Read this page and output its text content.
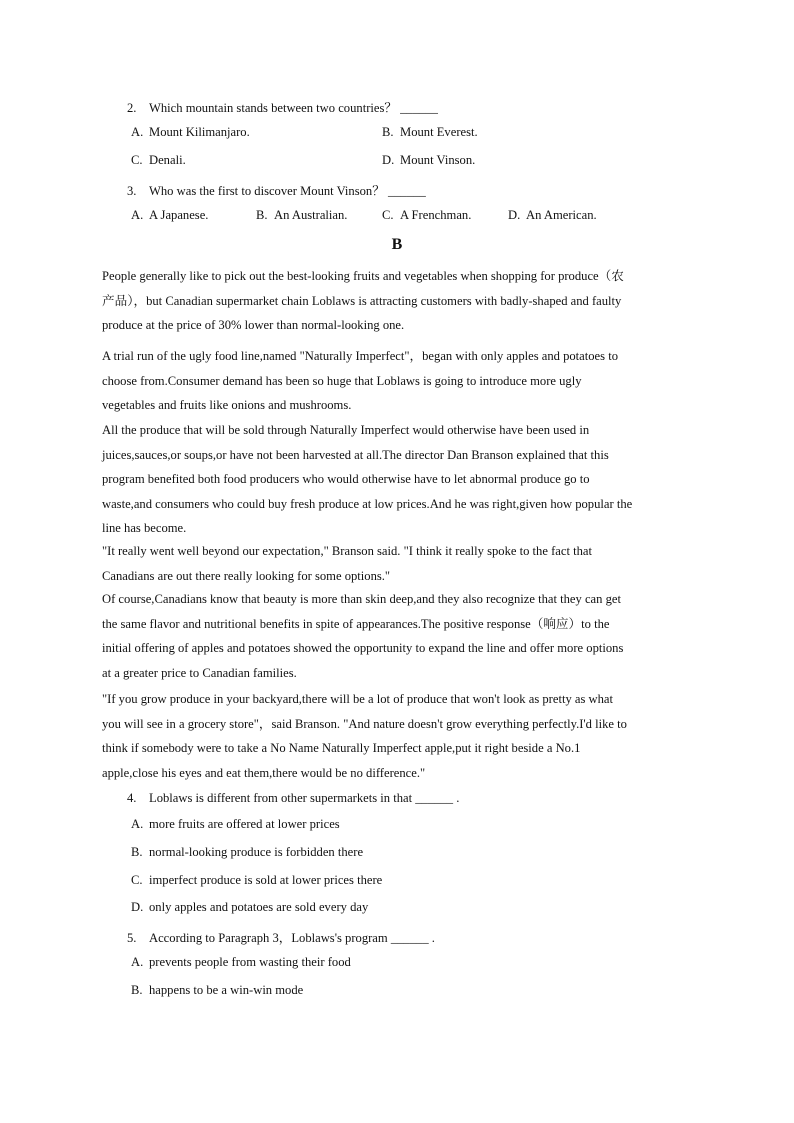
2. Which mountain stands between two countries？ ______
A. Mount Kilimanjaro.	B. Mount Everest.
C. Denali.	D. Mount Vinson.
3. Who was the first to discover Mount Vinson？ ______
A. A Japanese.	B. An Australian.	C. A Frenchman.	D. An American.
B
People generally like to pick out the best-looking fruits and vegetables when shopping for produce（农
产品），but Canadian supermarket chain Loblaws is attracting customers with badly-shaped and faulty
produce at the price of 30% lower than normal-looking one.
A trial run of the ugly food line,named "Naturally Imperfect"，began with only apples and potatoes to
choose from.Consumer demand has been so huge that Loblaws is going to introduce more ugly
vegetables and fruits like onions and mushrooms.
All the produce that will be sold through Naturally Imperfect would otherwise have been used in
juices,sauces,or soups,or have not been harvested at all.The director Dan Branson explained that this
program benefited both food producers who would otherwise have to let abnormal produce go to
waste,and consumers who could buy fresh produce at low prices.And he was right,given how popular the
line has become.
"It really went well beyond our expectation," Branson said. "I think it really spoke to the fact that
Canadians are out there really looking for some options."
Of course,Canadians know that beauty is more than skin deep,and they also recognize that they can get
the same flavor and nutritional benefits in spite of appearances.The positive response（响应）to the
initial offering of apples and potatoes showed the opportunity to expand the line and offer more options
at a greater price to Canadian families.
"If you grow produce in your backyard,there will be a lot of produce that won't look as pretty as what
you will see in a grocery store"，said Branson. "And nature doesn't grow everything perfectly.I'd like to
think if somebody were to take a No Name Naturally Imperfect apple,put it right beside a No.1
apple,close his eyes and eat them,there would be no difference."
4. Loblaws is different from other supermarkets in that ______ .
A. more fruits are offered at lower prices
B. normal-looking produce is forbidden there
C. imperfect produce is sold at lower prices there
D. only apples and potatoes are sold every day
5. According to Paragraph 3，Loblaws's program ______ .
A. prevents people from wasting their food
B. happens to be a win-win mode
